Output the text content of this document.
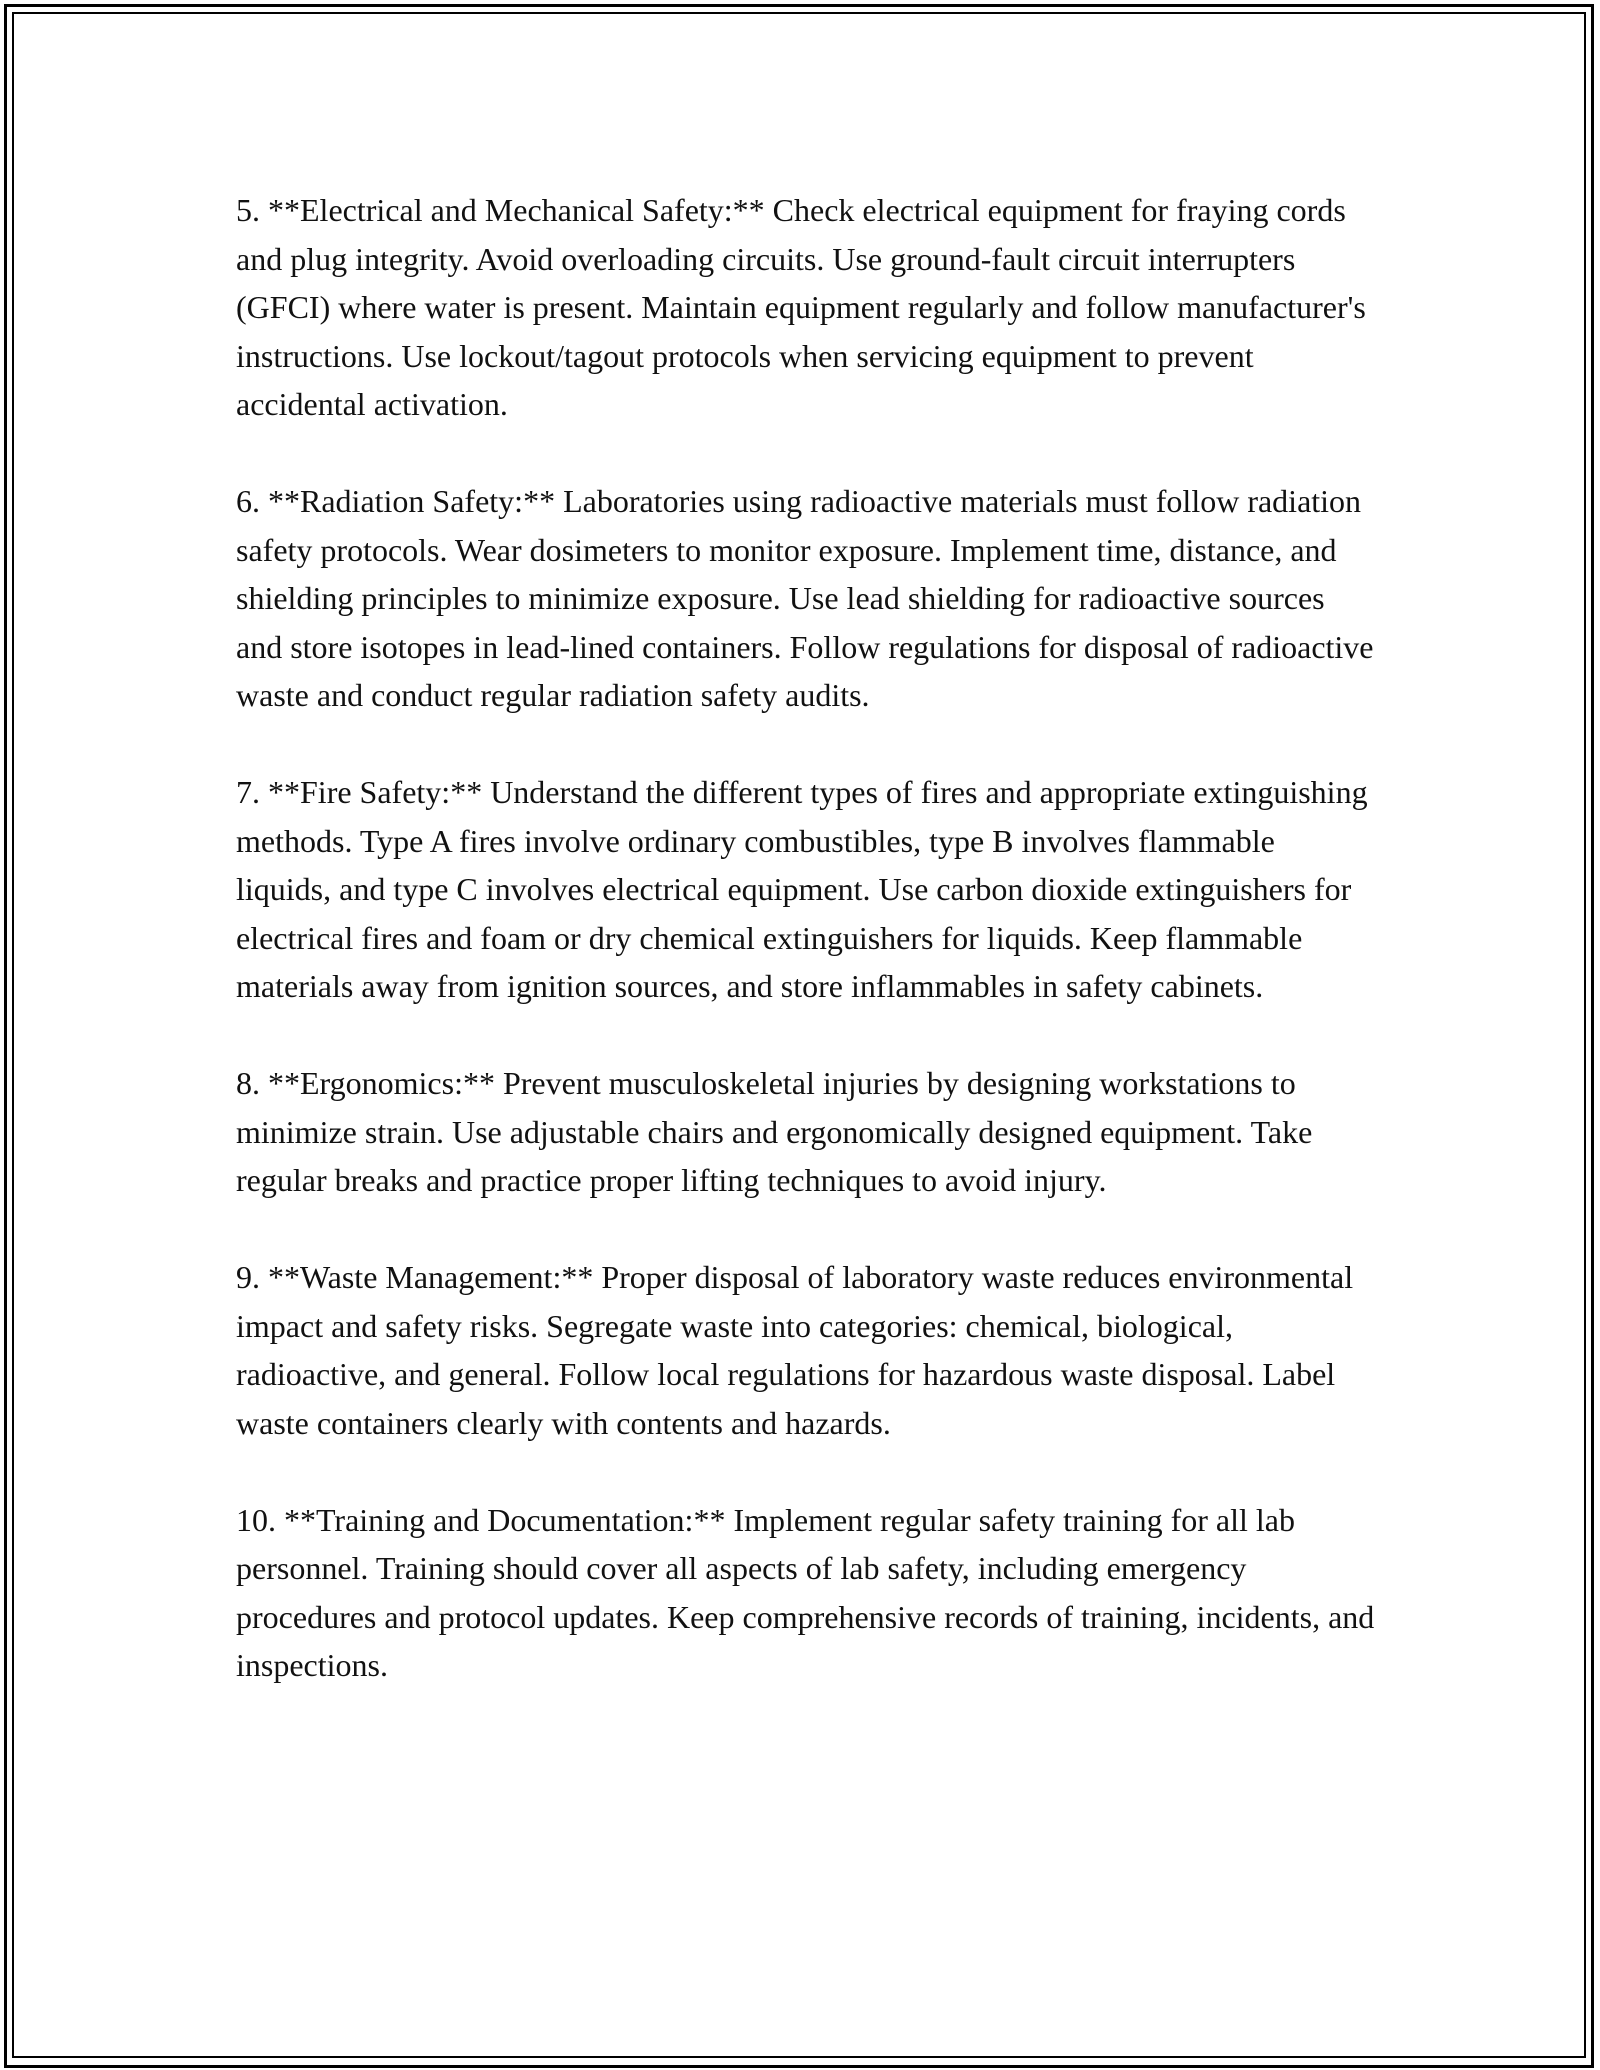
5. **Electrical and Mechanical Safety:** Check electrical equipment for fraying cords and plug integrity. Avoid overloading circuits. Use ground-fault circuit interrupters (GFCI) where water is present. Maintain equipment regularly and follow manufacturer's instructions. Use lockout/tagout protocols when servicing equipment to prevent accidental activation.

6. **Radiation Safety:** Laboratories using radioactive materials must follow radiation safety protocols. Wear dosimeters to monitor exposure. Implement time, distance, and shielding principles to minimize exposure. Use lead shielding for radioactive sources and store isotopes in lead-lined containers. Follow regulations for disposal of radioactive waste and conduct regular radiation safety audits.

7. **Fire Safety:** Understand the different types of fires and appropriate extinguishing methods. Type A fires involve ordinary combustibles, type B involves flammable liquids, and type C involves electrical equipment. Use carbon dioxide extinguishers for electrical fires and foam or dry chemical extinguishers for liquids. Keep flammable materials away from ignition sources, and store inflammables in safety cabinets.

8. **Ergonomics:** Prevent musculoskeletal injuries by designing workstations to minimize strain. Use adjustable chairs and ergonomically designed equipment. Take regular breaks and practice proper lifting techniques to avoid injury.

9. **Waste Management:** Proper disposal of laboratory waste reduces environmental impact and safety risks. Segregate waste into categories: chemical, biological, radioactive, and general. Follow local regulations for hazardous waste disposal. Label waste containers clearly with contents and hazards.

10. **Training and Documentation:** Implement regular safety training for all lab personnel. Training should cover all aspects of lab safety, including emergency procedures and protocol updates. Keep comprehensive records of training, incidents, and inspections.
